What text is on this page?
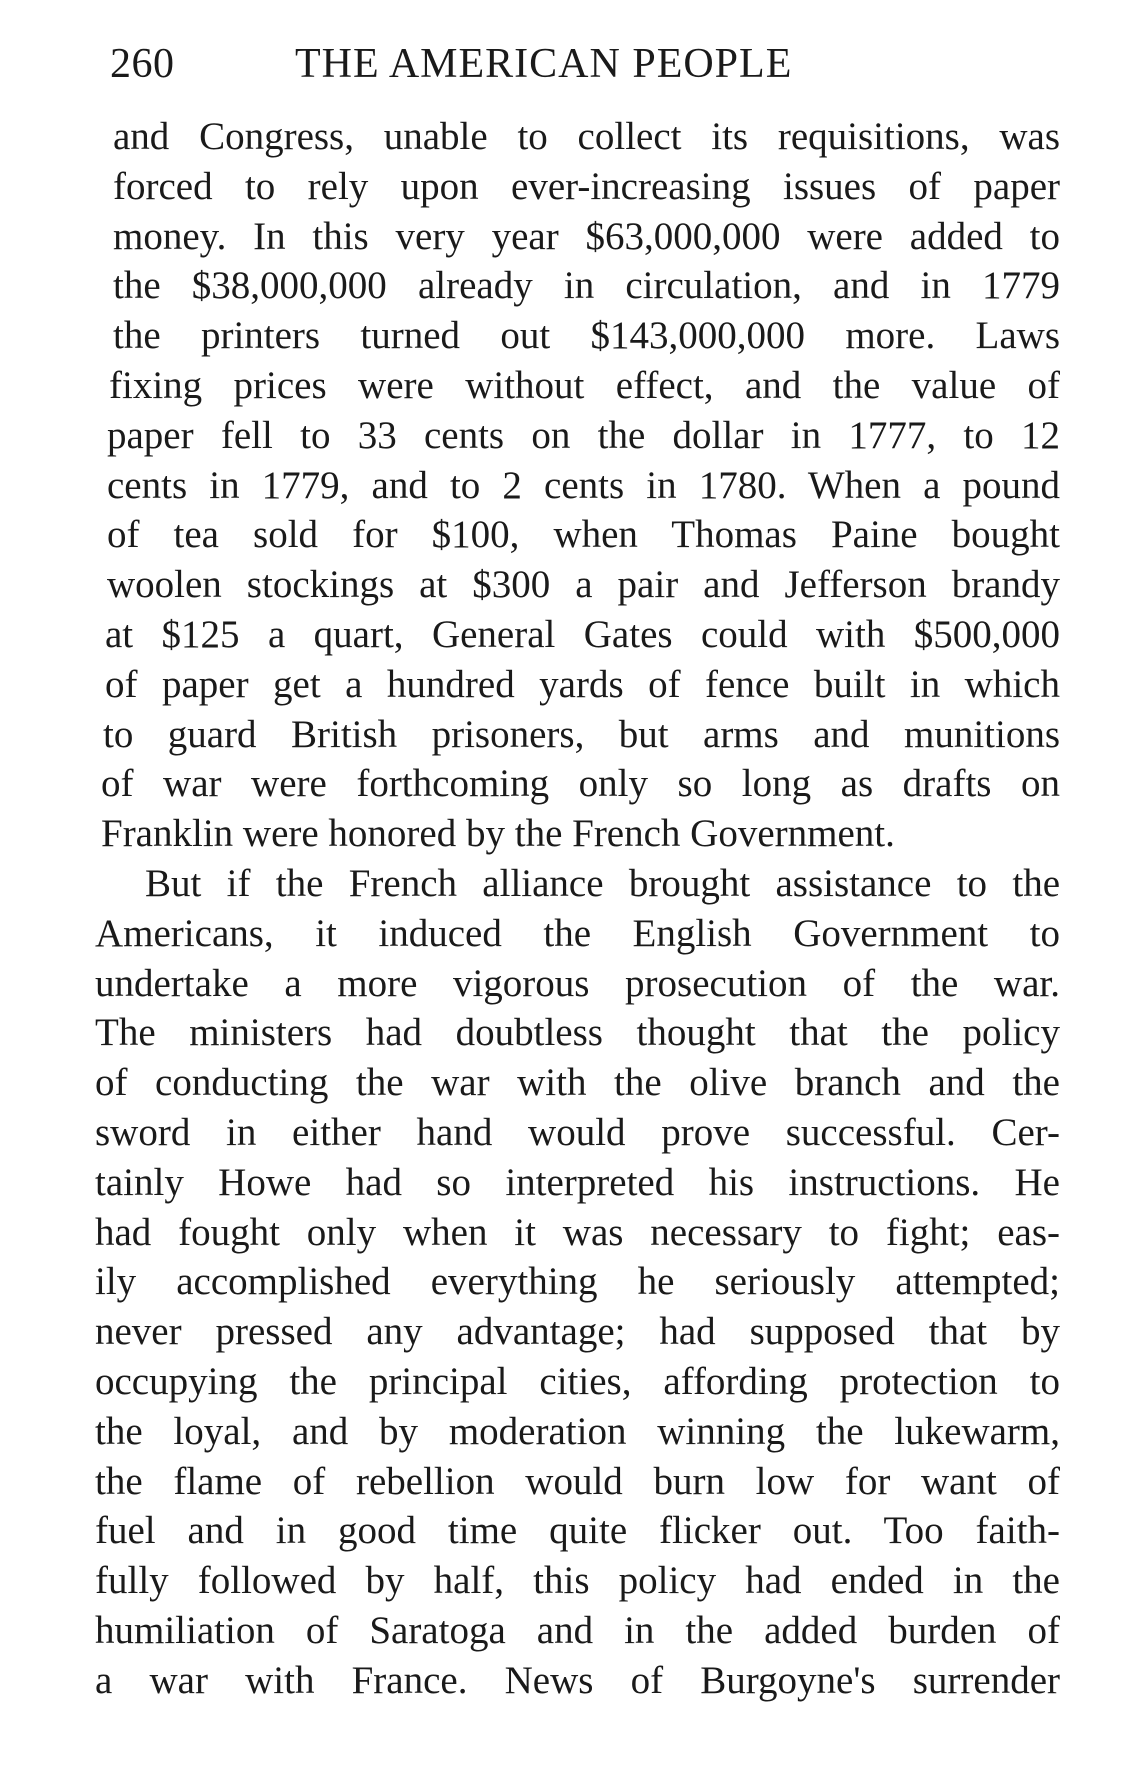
260	THE AMERICAN PEOPLE
and Congress, unable to collect its requisitions, was
forced to rely upon ever-increasing issues of paper
money. In this very year $63,000,000 were added to
the $38,000,000 already in circulation, and in 1779
the printers turned out $143,000,000 more. Laws
fixing prices were without effect, and the value of
paper fell to 33 cents on the dollar in 1777, to 12
cents in 1779, and to 2 cents in 1780. When a pound
of tea sold for $100, when Thomas Paine bought
woolen stockings at $300 a pair and Jefferson brandy
at $125 a quart, General Gates could with $500,000
of paper get a hundred yards of fence built in which
to guard British prisoners, but arms and munitions
of war were forthcoming only so long as drafts on
Franklin were honored by the French Government.
But if the French alliance brought assistance to the
Americans, it induced the English Government to
undertake a more vigorous prosecution of the war.
The ministers had doubtless thought that the policy
of conducting the war with the olive branch and the
sword in either hand would prove successful. Cer-
tainly Howe had so interpreted his instructions. He
had fought only when it was necessary to fight; eas-
ily accomplished everything he seriously attempted;
never pressed any advantage; had supposed that by
occupying the principal cities, affording protection to
the loyal, and by moderation winning the lukewarm,
the flame of rebellion would burn low for want of
fuel and in good time quite flicker out. Too faith-
fully followed by half, this policy had ended in the
humiliation of Saratoga and in the added burden of
a war with France. News of Burgoyne's surrender
